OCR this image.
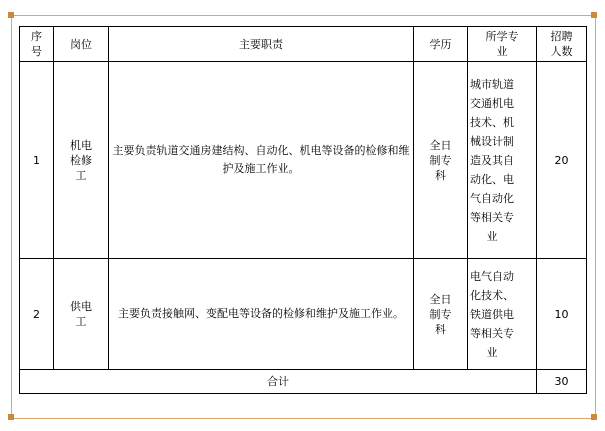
序号	岗位	主要职责	学历	所学专业	招聘人数

1	机电检修工	主要负责轨道交通房建结构、自动化、机电等设备的检修和维护及施工作业。	全日制专科	城市轨道交通机电技术、机械设计制造及其自动化、电气自动化等相关专业	20
2	供电工	主要负责接触网、变配电等设备的检修和维护及施工作业。	全日制专科	电气自动化技术、铁道供电等相关专业	10
合计					30
